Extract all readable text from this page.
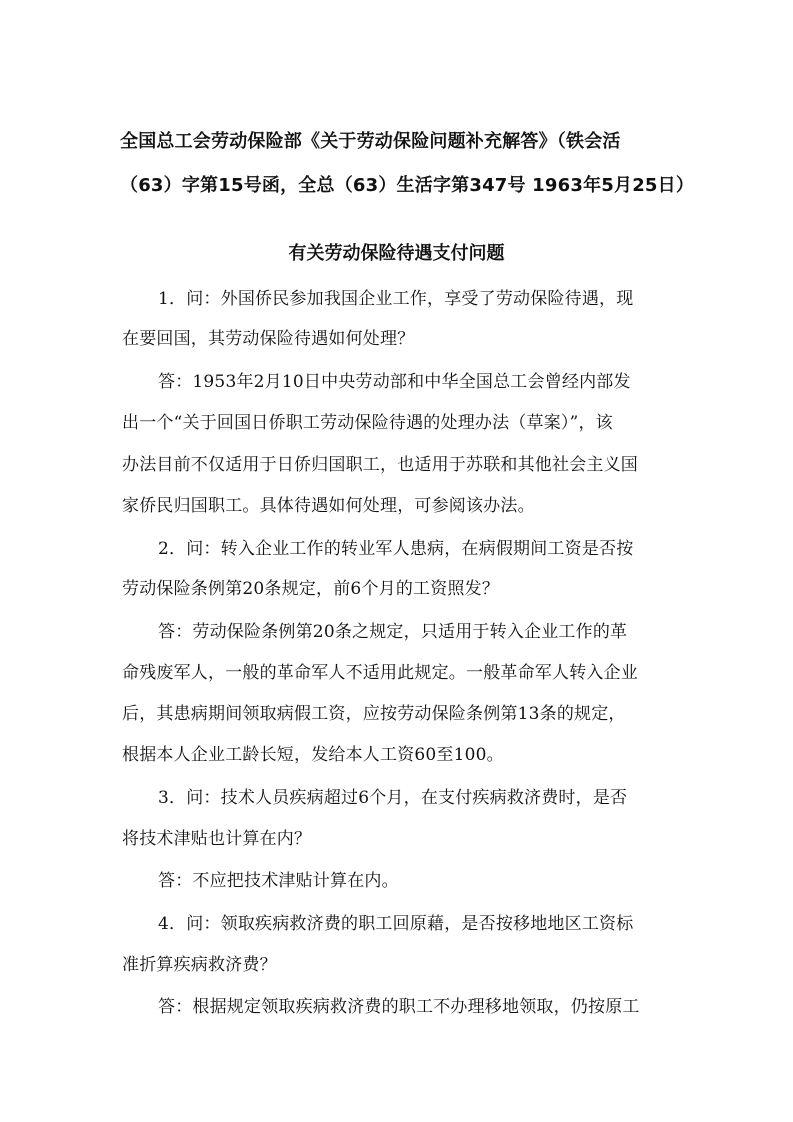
全国总工会劳动保险部《关于劳动保险问题补充解答》（铁会活
（63）字第15号函，全总（63）生活字第347号 1963年5月25日）
有关劳动保险待遇支付问题
1．问：外国侨民参加我国企业工作，享受了劳动保险待遇，现
在要回国，其劳动保险待遇如何处理？
答：1953年2月10日中央劳动部和中华全国总工会曾经内部发
出一个“关于回国日侨职工劳动保险待遇的处理办法（草案）”，该
办法目前不仅适用于日侨归国职工，也适用于苏联和其他社会主义国
家侨民归国职工。具体待遇如何处理，可参阅该办法。
2．问：转入企业工作的转业军人患病，在病假期间工资是否按
劳动保险条例第20条规定，前6个月的工资照发？
答：劳动保险条例第20条之规定，只适用于转入企业工作的革
命残废军人，一般的革命军人不适用此规定。一般革命军人转入企业
后，其患病期间领取病假工资，应按劳动保险条例第13条的规定，
根据本人企业工龄长短，发给本人工资60至100。
3．问：技术人员疾病超过6个月，在支付疾病救济费时，是否
将技术津贴也计算在内？
答：不应把技术津贴计算在内。
4．问：领取疾病救济费的职工回原藉，是否按移地地区工资标
准折算疾病救济费？
答：根据规定领取疾病救济费的职工不办理移地领取，仍按原工
